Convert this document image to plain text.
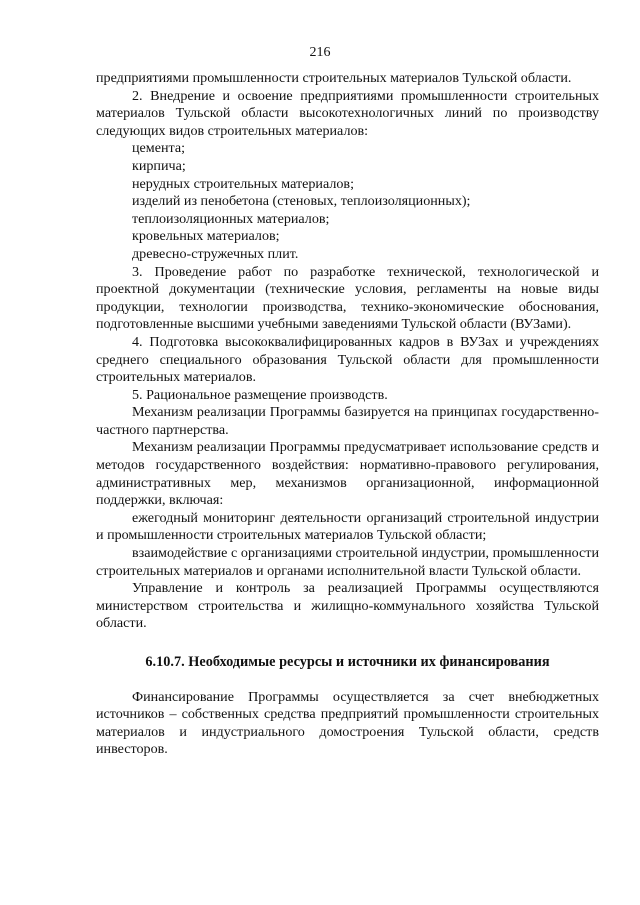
216

предприятиями промышленности строительных материалов Тульской области.

2. Внедрение и освоение предприятиями промышленности строительных материалов Тульской области высокотехнологичных линий по производству следующих видов строительных материалов:

цемента;

кирпича;

нерудных строительных материалов;

изделий из пенобетона (стеновых, теплоизоляционных);

теплоизоляционных материалов;

кровельных материалов;

древесно-стружечных плит.

3. Проведение работ по разработке технической, технологической и проектной документации (технические условия, регламенты на новые виды продукции, технологии производства, технико-экономические обоснования, подготовленные высшими учебными заведениями Тульской области (ВУЗами).

4. Подготовка высококвалифицированных кадров в ВУЗах и учреждениях среднего специального образования Тульской области для промышленности строительных материалов.

5. Рациональное размещение производств.

Механизм реализации Программы базируется на принципах государственно-частного партнерства.

Механизм реализации Программы предусматривает использование средств и методов государственного воздействия: нормативно-правового регулирования, административных мер, механизмов организационной, информационной поддержки, включая:

ежегодный мониторинг деятельности организаций строительной индустрии и промышленности строительных материалов Тульской области;

взаимодействие с организациями строительной индустрии, промышленности строительных материалов и органами исполнительной власти Тульской области.

Управление и контроль за реализацией Программы осуществляются министерством строительства и жилищно-коммунального хозяйства Тульской области.

6.10.7. Необходимые ресурсы и источники их финансирования

Финансирование Программы осуществляется за счет внебюджетных источников – собственных средства предприятий промышленности строительных материалов и индустриального домостроения Тульской области, средств инвесторов.
